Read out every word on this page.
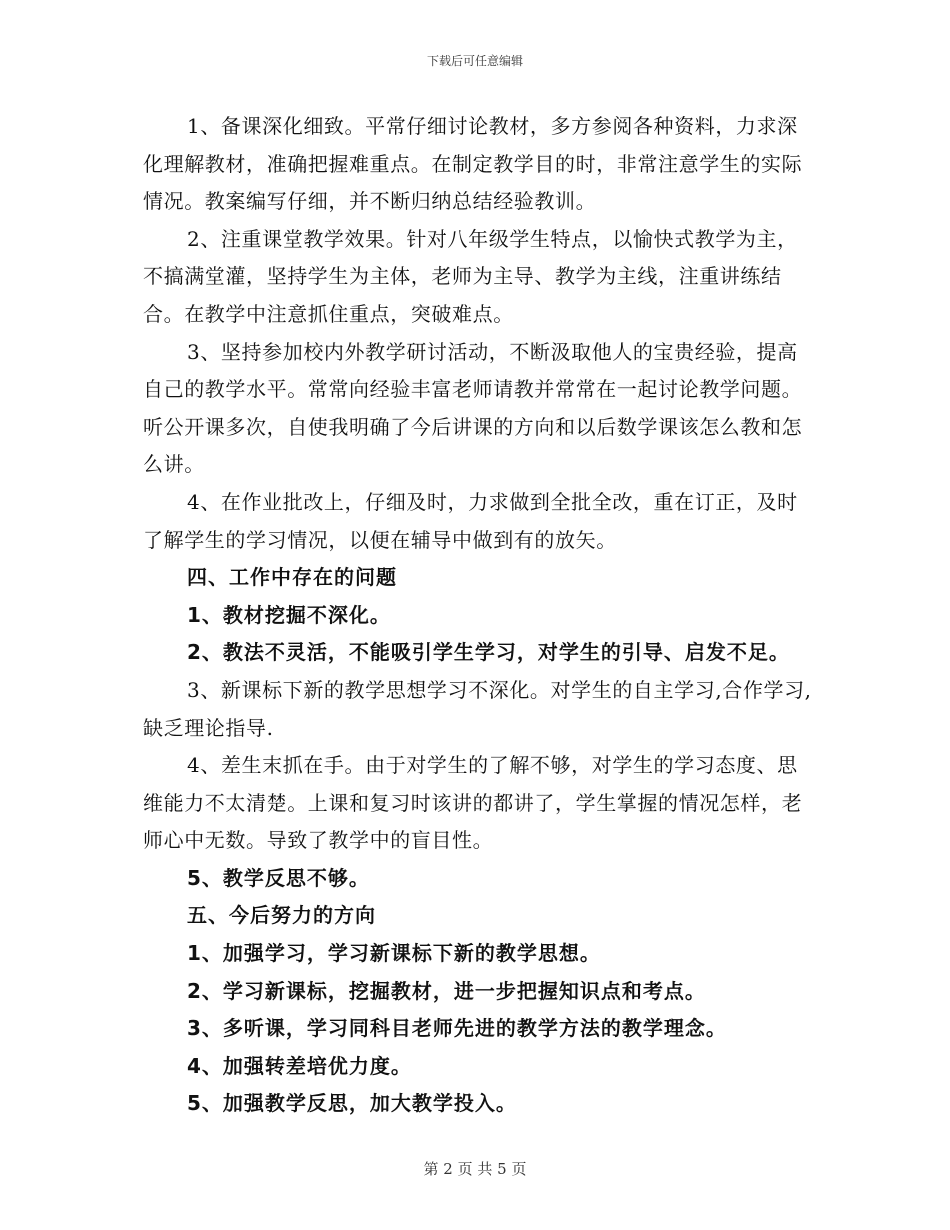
下载后可任意编辑

1、备课深化细致。平常仔细讨论教材，多方参阅各种资料，力求深化理解教材，准确把握难重点。在制定教学目的时，非常注意学生的实际情况。教案编写仔细，并不断归纳总结经验教训。

2、注重课堂教学效果。针对八年级学生特点，以愉快式教学为主，不搞满堂灌，坚持学生为主体，老师为主导、教学为主线，注重讲练结合。在教学中注意抓住重点，突破难点。

3、坚持参加校内外教学研讨活动，不断汲取他人的宝贵经验，提高自己的教学水平。常常向经验丰富老师请教并常常在一起讨论教学问题。听公开课多次，自使我明确了今后讲课的方向和以后数学课该怎么教和怎么讲。

4、在作业批改上，仔细及时，力求做到全批全改，重在订正，及时了解学生的学习情况，以便在辅导中做到有的放矢。

四、工作中存在的问题

1、教材挖掘不深化。

2、教法不灵活，不能吸引学生学习，对学生的引导、启发不足。

3、新课标下新的教学思想学习不深化。对学生的自主学习,合作学习,缺乏理论指导.

4、差生末抓在手。由于对学生的了解不够，对学生的学习态度、思维能力不太清楚。上课和复习时该讲的都讲了，学生掌握的情况怎样，老师心中无数。导致了教学中的盲目性。

5、教学反思不够。

五、今后努力的方向

1、加强学习，学习新课标下新的教学思想。

2、学习新课标，挖掘教材，进一步把握知识点和考点。

3、多听课，学习同科目老师先进的教学方法的教学理念。

4、加强转差培优力度。

5、加强教学反思，加大教学投入。

第 2 页 共 5 页
